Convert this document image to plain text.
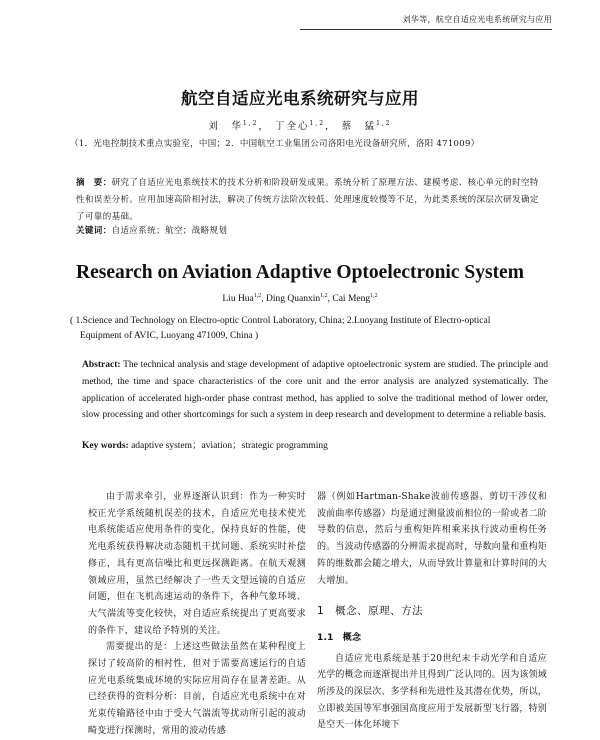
刘华等，航空自适应光电系统研究与应用
航空自适应光电系统研究与应用
刘　华$^{1,2}$， 丁全心$^{1,2}$， 蔡　猛$^{1,2}$
（1．光电控制技术重点实验室，中国；2．中国航空工业集团公司洛阳电光设备研究所，洛阳 471009）
摘　要：研究了自适应光电系统技术的技术分析和阶段研发成果。系统分析了原理方法、建模考虑、核心单元的时空特性和误差分析。应用加速高阶相衬法，解决了传统方法阶次较低、处理速度较慢等不足，为此类系统的深层次研发确定了可靠的基础。
关键词：自适应系统；航空；战略规划
Research on Aviation Adaptive Optoelectronic System
Liu Hua$^{1,2}$, Ding Quanxin$^{1,2}$, Cai Meng$^{1,2}$
( 1.Science and Technology on Electro-optic Control Laboratory, China; 2.Luoyang Institute of Electro-optical
Equipment of AVIC, Luoyang 471009, China )
Abstract: The technical analysis and stage development of adaptive optoelectronic system are studied. The principle and method, the time and space characteristics of the core unit and the error analysis are analyzed systematically. The application of accelerated high-order phase contrast method, has applied to solve the traditional method of lower order, slow processing and other shortcomings for such a system in deep research and development to determine a reliable basis.
Key words: adaptive system；aviation；strategic programming

由于需求牵引，业界逐渐认识到：作为一种实时校正光学系统随机误差的技术，自适应光电技术使光电系统能适应使用条件的变化，保持良好的性能，使光电系统获得解决动态随机干扰问题、系统实时补偿修正，具有更高信噪比和更远探测距离。在航天观测领域应用，虽然已经解决了一些天文望远镜的自适应问题，但在飞机高速运动的条件下，各种气象环境、大气湍流等变化较快，对自适应系统提出了更高要求的条件下，建议给予特别的关注。

需要提出的是：上述这些做法虽然在某种程度上探讨了较高阶的相衬性，但对于需要高速运行的自适应光电系统集成环境的实际应用尚存在显著差距。从已经获得的资料分析：目前，自适应光电系统中在对光束传输路径中由于受大气湍流等扰动所引起的波动畸变进行探测时，常用的波动传感

器（例如Hartman-Shake波前传感器、剪切干涉仪和波前曲率传感器）均是通过测量波前相位的一阶或者二阶导数的信息，然后与重构矩阵相乘来执行波动重构任务的。当波动传感器的分辨需求提高时，导数向量和重构矩阵的维数都会随之增大，从而导致计算量和计算时间的大大增加。

1　概念、原理、方法
1.1　概念

自适应光电系统是基于20世纪末卡动光学和自适应光学的概念而逐渐提出并且得到广泛认同的。因为该领域所涉及的深层次、多学科和先进性及其潜在优势，所以，立即被美国等军事强国高度应用于发展新型飞行器，特别是空天一体化环境下
